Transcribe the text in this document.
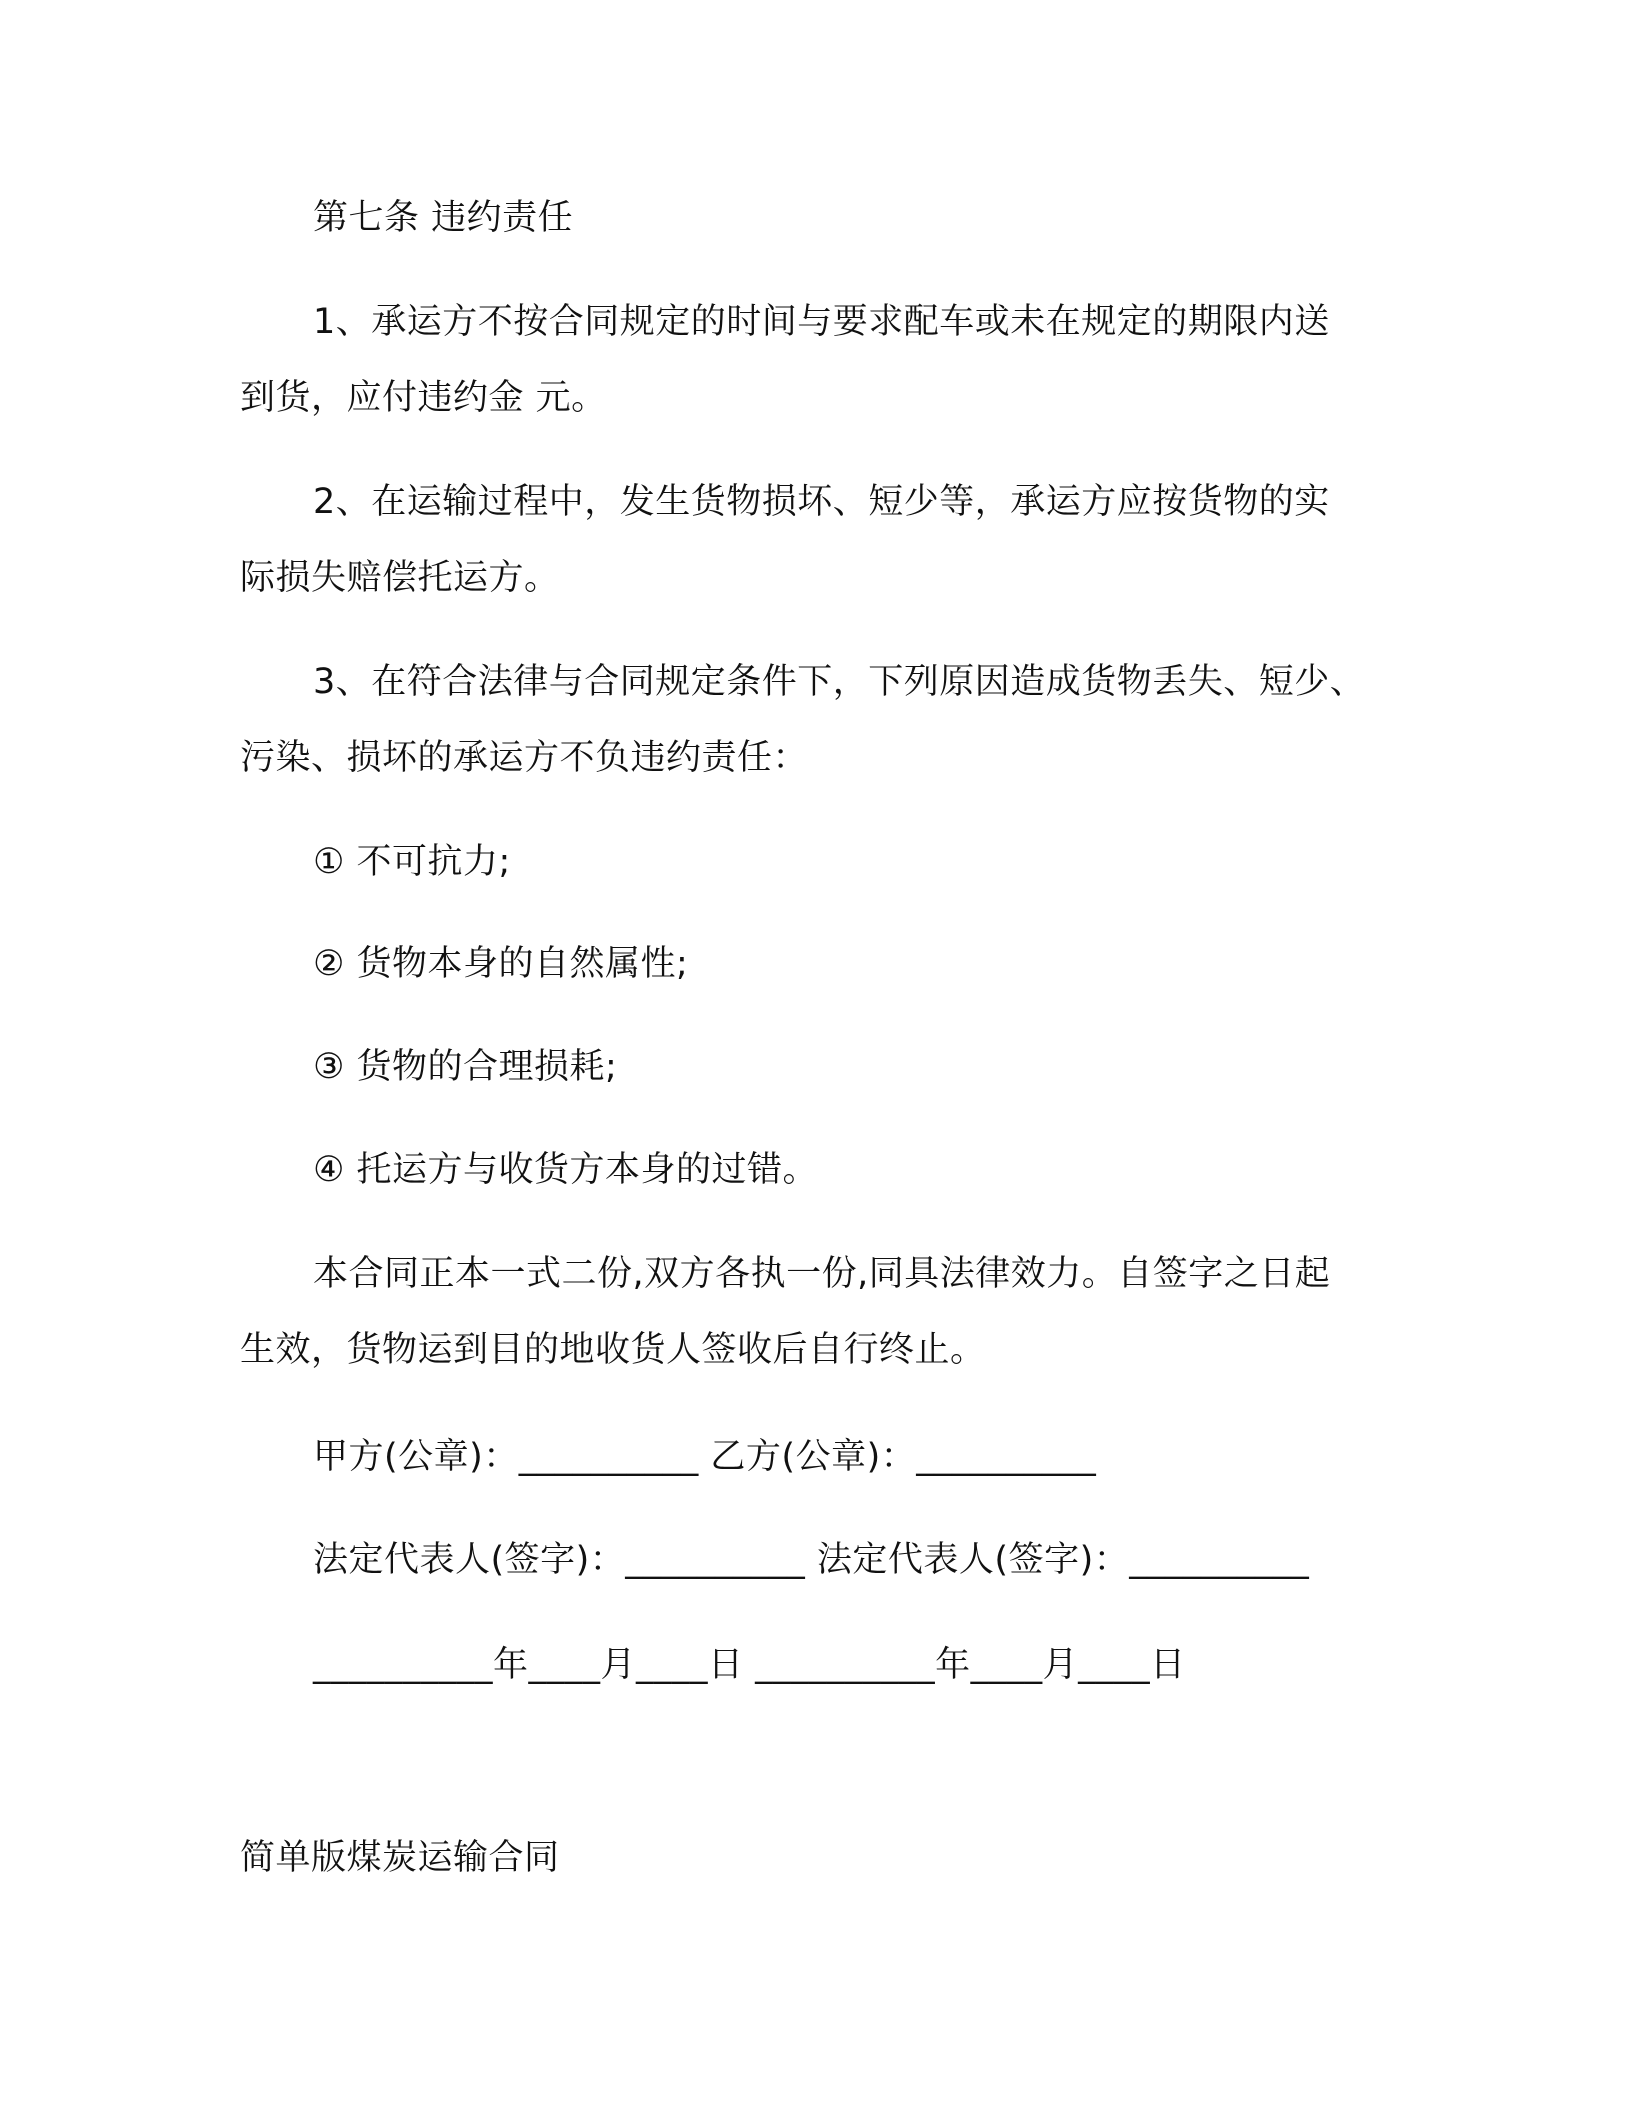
第七条 违约责任
1、承运方不按合同规定的时间与要求配车或未在规定的期限内送
到货，应付违约金 元。
2、在运输过程中，发生货物损坏、短少等，承运方应按货物的实
际损失赔偿托运方。
3、在符合法律与合同规定条件下，下列原因造成货物丢失、短少、
污染、损坏的承运方不负违约责任：
① 不可抗力;
② 货物本身的自然属性;
③ 货物的合理损耗;
④ 托运方与收货方本身的过错。
本合同正本一式二份,双方各执一份,同具法律效力。自签字之日起
生效，货物运到目的地收货人签收后自行终止。
甲方(公章)：__________ 乙方(公章)：__________
法定代表人(签字)：__________ 法定代表人(签字)：__________
__________年____月____日 __________年____月____日
简单版煤炭运输合同
